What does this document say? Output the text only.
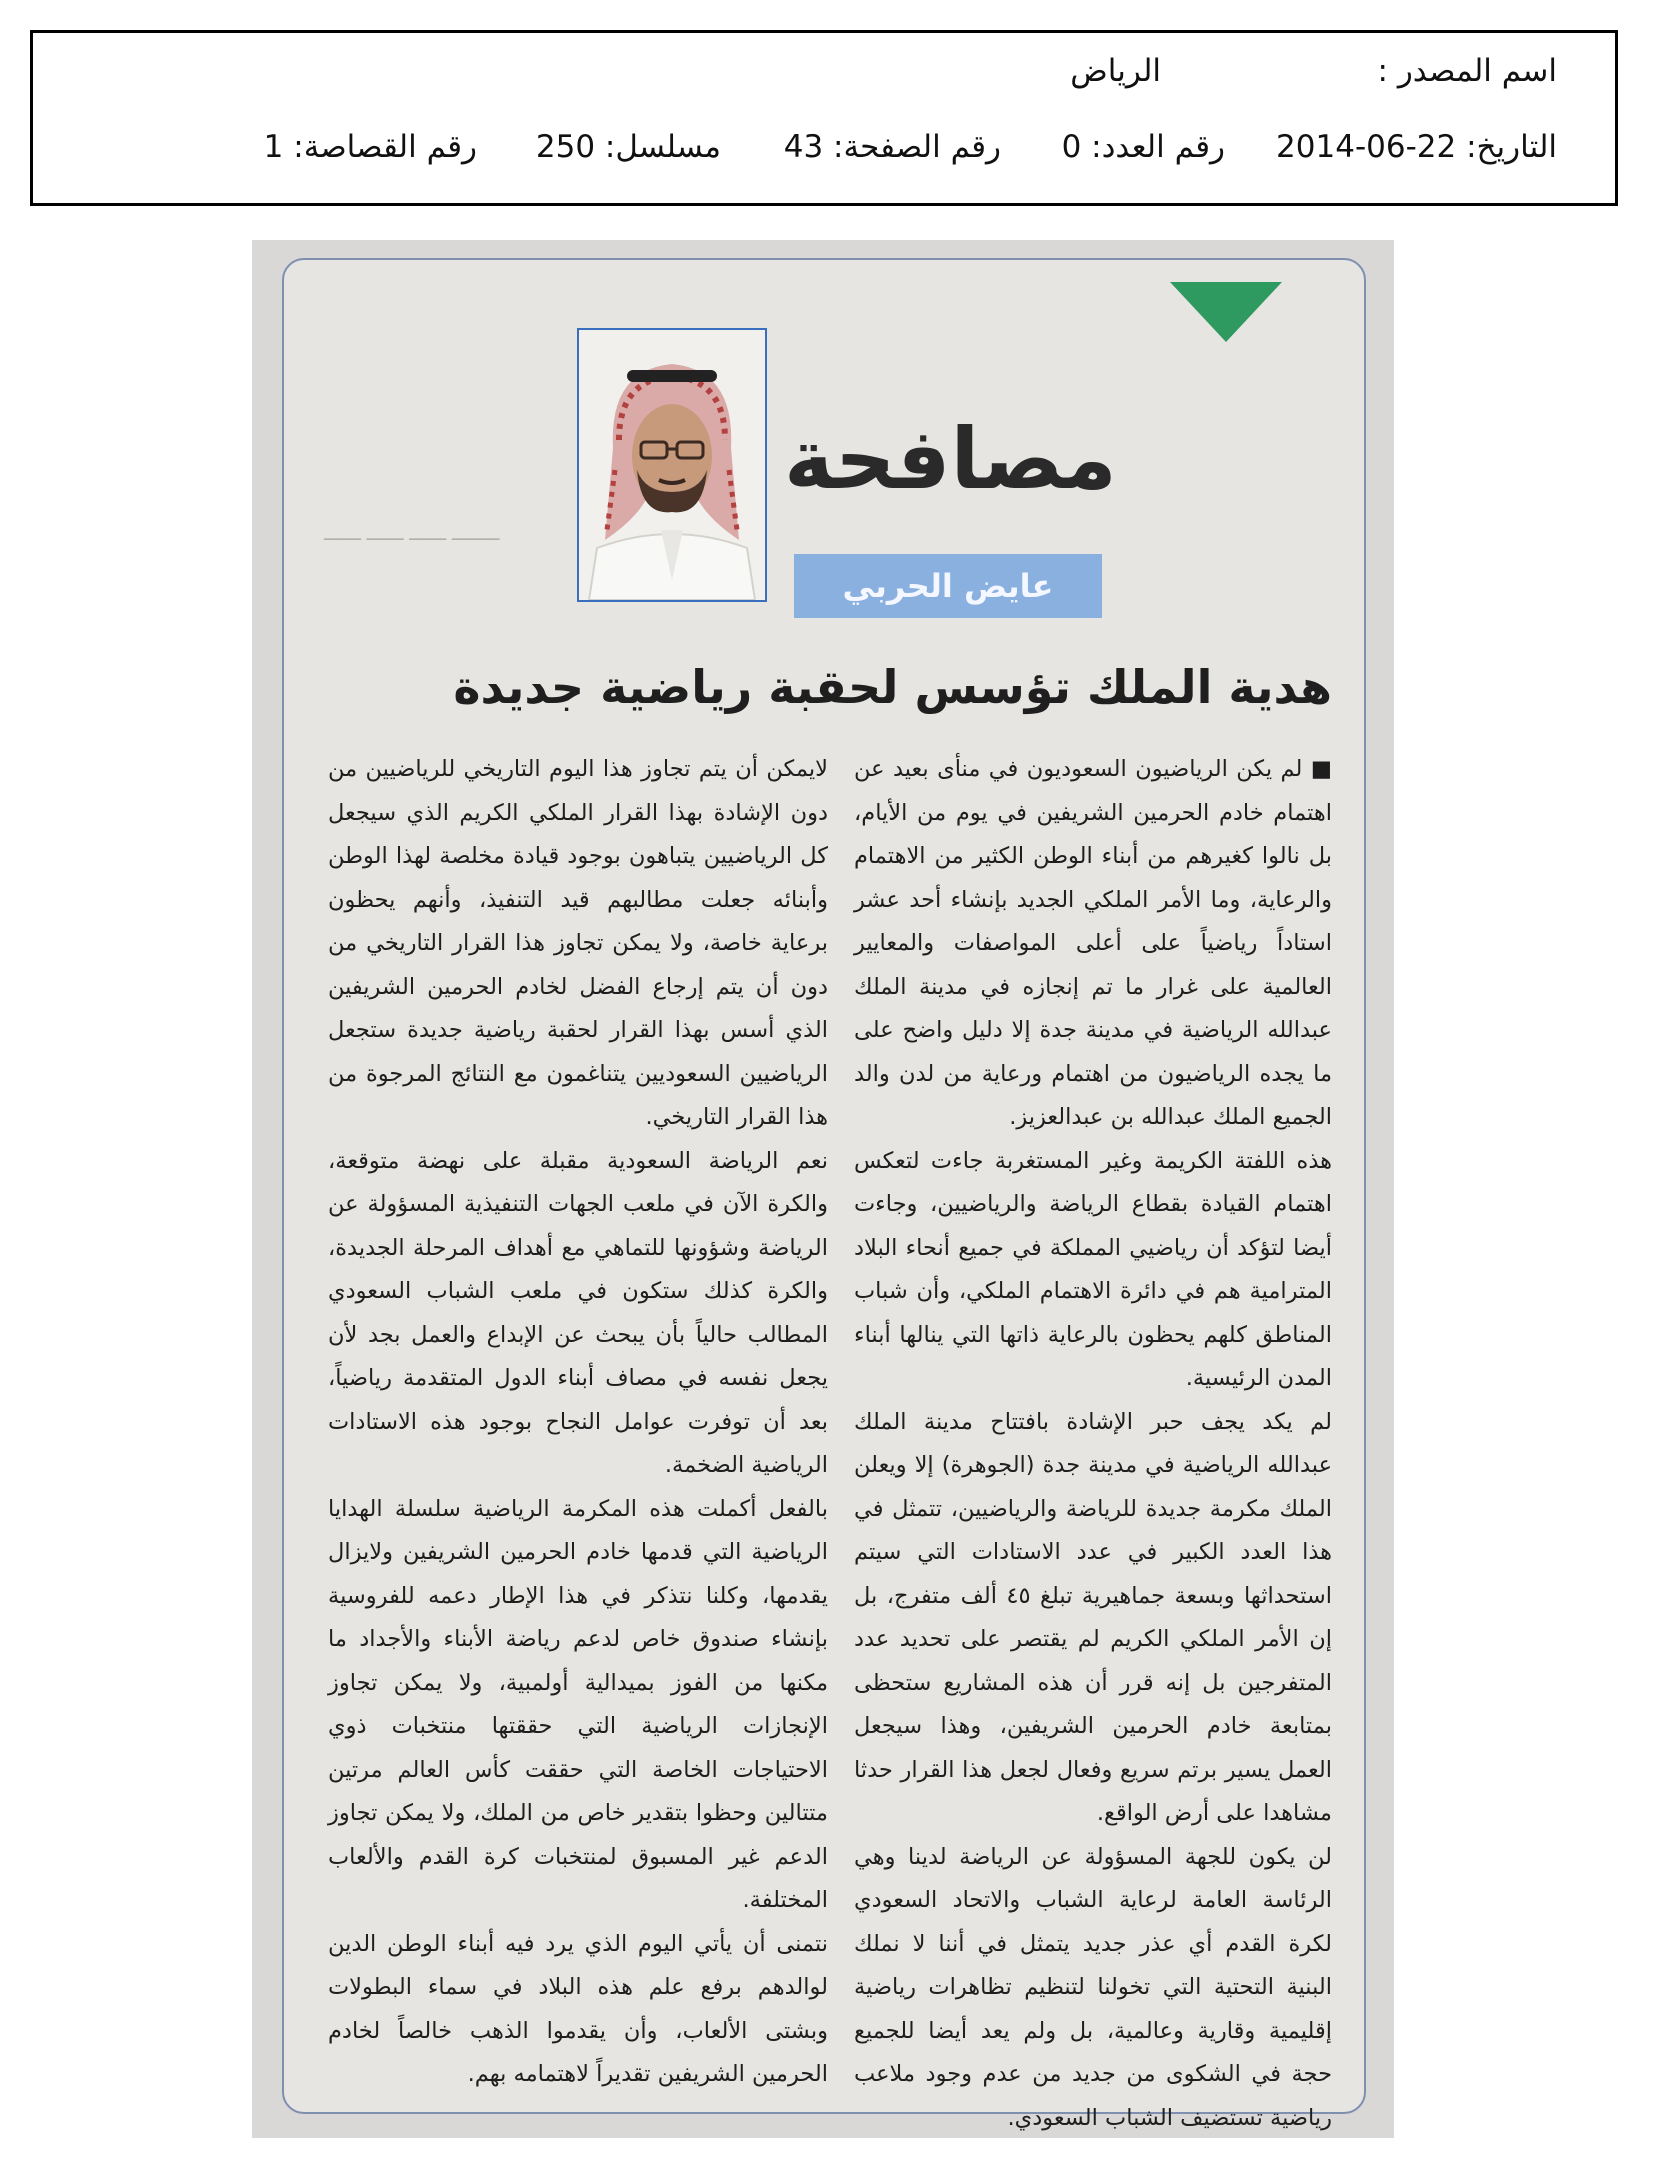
اسم المصدر :
الرياض
التاريخ: 22-06-2014
رقم العدد: 0
رقم الصفحة: 43
مسلسل: 250
رقم القصاصة: 1
ـــــــــ ـــــــ ـــــــ ـــــــ
مصافحة
عايض الحربي
هدية الملك تؤسس لحقبة رياضية جديدة

■ لم يكن الرياضيون السعوديون في منأى بعيد عن اهتمام خادم الحرمين الشريفين في يوم من الأيام، بل نالوا كغيرهم من أبناء الوطن الكثير من الاهتمام والرعاية، وما الأمر الملكي الجديد بإنشاء أحد عشر استاداً رياضياً على أعلى المواصفات والمعايير العالمية على غرار ما تم إنجازه في مدينة الملك عبدالله الرياضية في مدينة جدة إلا دليل واضح على ما يجده الرياضيون من اهتمام ورعاية من لدن والد الجميع الملك عبدالله بن عبدالعزيز.

هذه اللفتة الكريمة وغير المستغربة جاءت لتعكس اهتمام القيادة بقطاع الرياضة والرياضيين، وجاءت أيضا لتؤكد أن رياضيي المملكة في جميع أنحاء البلاد المترامية هم في دائرة الاهتمام الملكي، وأن شباب المناطق كلهم يحظون بالرعاية ذاتها التي ينالها أبناء المدن الرئيسية.

لم يكد يجف حبر الإشادة بافتتاح مدينة الملك عبدالله الرياضية في مدينة جدة (الجوهرة) إلا ويعلن الملك مكرمة جديدة للرياضة والرياضيين، تتمثل في هذا العدد الكبير في عدد الاستادات التي سيتم استحداثها وبسعة جماهيرية تبلغ ٤٥ ألف متفرج، بل إن الأمر الملكي الكريم لم يقتصر على تحديد عدد المتفرجين بل إنه قرر أن هذه المشاريع ستحظى بمتابعة خادم الحرمين الشريفين، وهذا سيجعل العمل يسير برتم سريع وفعال لجعل هذا القرار حدثا مشاهدا على أرض الواقع.

لن يكون للجهة المسؤولة عن الرياضة لدينا وهي الرئاسة العامة لرعاية الشباب والاتحاد السعودي لكرة القدم أي عذر جديد يتمثل في أننا لا نملك البنية التحتية التي تخولنا لتنظيم تظاهرات رياضية إقليمية وقارية وعالمية، بل ولم يعد أيضا للجميع حجة في الشكوى من جديد من عدم وجود ملاعب رياضية تستضيف الشباب السعودي.

لايمكن أن يتم تجاوز هذا اليوم التاريخي للرياضيين من دون الإشادة بهذا القرار الملكي الكريم الذي سيجعل كل الرياضيين يتباهون بوجود قيادة مخلصة لهذا الوطن وأبنائه جعلت مطالبهم قيد التنفيذ، وأنهم يحظون برعاية خاصة، ولا يمكن تجاوز هذا القرار التاريخي من دون أن يتم إرجاع الفضل لخادم الحرمين الشريفين الذي أسس بهذا القرار لحقبة رياضية جديدة ستجعل الرياضيين السعوديين يتناغمون مع النتائج المرجوة من هذا القرار التاريخي.

نعم الرياضة السعودية مقبلة على نهضة متوقعة، والكرة الآن في ملعب الجهات التنفيذية المسؤولة عن الرياضة وشؤونها للتماهي مع أهداف المرحلة الجديدة، والكرة كذلك ستكون في ملعب الشباب السعودي المطالب حالياً بأن يبحث عن الإبداع والعمل بجد لأن يجعل نفسه في مصاف أبناء الدول المتقدمة رياضياً، بعد أن توفرت عوامل النجاح بوجود هذه الاستادات الرياضية الضخمة.

بالفعل أكملت هذه المكرمة الرياضية سلسلة الهدايا الرياضية التي قدمها خادم الحرمين الشريفين ولايزال يقدمها، وكلنا نتذكر في هذا الإطار دعمه للفروسية بإنشاء صندوق خاص لدعم رياضة الأبناء والأجداد ما مكنها من الفوز بميدالية أولمبية، ولا يمكن تجاوز الإنجازات الرياضية التي حققتها منتخبات ذوي الاحتياجات الخاصة التي حققت كأس العالم مرتين متتالين وحظوا بتقدير خاص من الملك، ولا يمكن تجاوز الدعم غير المسبوق لمنتخبات كرة القدم والألعاب المختلفة.

نتمنى أن يأتي اليوم الذي يرد فيه أبناء الوطن الدين لوالدهم برفع علم هذه البلاد في سماء البطولات وبشتى الألعاب، وأن يقدموا الذهب خالصاً لخادم الحرمين الشريفين تقديراً لاهتمامه بهم.
